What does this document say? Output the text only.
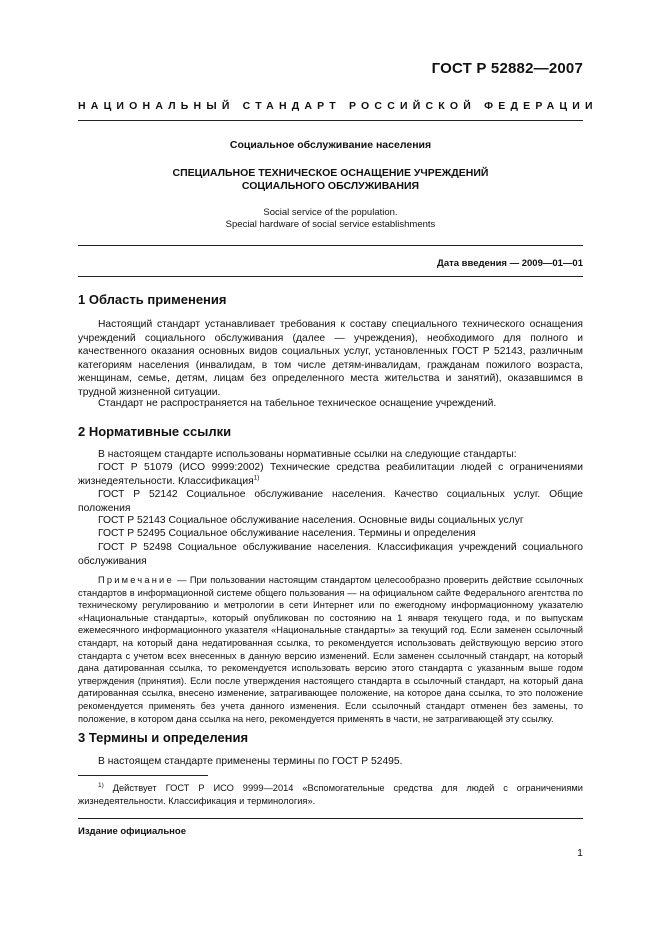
ГОСТ Р 52882—2007
НАЦИОНАЛЬНЫЙ СТАНДАРТ РОССИЙСКОЙ ФЕДЕРАЦИИ
Социальное обслуживание населения
СПЕЦИАЛЬНОЕ ТЕХНИЧЕСКОЕ ОСНАЩЕНИЕ УЧРЕЖДЕНИЙ
СОЦИАЛЬНОГО ОБСЛУЖИВАНИЯ
Social service of the population.
Special hardware of social service establishments
Дата введения — 2009—01—01
1 Область применения

Настоящий стандарт устанавливает требования к составу специального технического оснащения учреждений социального обслуживания (далее — учреждения), необходимого для полного и качественного оказания основных видов социальных услуг, установленных ГОСТ Р 52143, различным категориям населения (инвалидам, в том числе детям-инвалидам, гражданам пожилого возраста, женщинам, семье, детям, лицам без определенного места жительства и занятий), оказавшимся в трудной жизненной ситуации.

Стандарт не распространяется на табельное техническое оснащение учреждений.

2 Нормативные ссылки

В настоящем стандарте использованы нормативные ссылки на следующие стандарты:

ГОСТ Р 51079 (ИСО 9999:2002) Технические средства реабилитации людей с ограничениями жизнедеятельности. Классификация$^{1)}$

ГОСТ Р 52142 Социальное обслуживание населения. Качество социальных услуг. Общие положения

ГОСТ Р 52143 Социальное обслуживание населения. Основные виды социальных услуг

ГОСТ Р 52495 Социальное обслуживание населения. Термины и определения

ГОСТ Р 52498 Социальное обслуживание населения. Классификация учреждений социального обслуживания

Примечание — При пользовании настоящим стандартом целесообразно проверить действие ссылочных стандартов в информационной системе общего пользования — на официальном сайте Федерального агентства по техническому регулированию и метрологии в сети Интернет или по ежегодному информационному указателю «Национальные стандарты», который опубликован по состоянию на 1 января текущего года, и по выпускам ежемесячного информационного указателя «Национальные стандарты» за текущий год. Если заменен ссылочный стандарт, на который дана недатированная ссылка, то рекомендуется использовать действующую версию этого стандарта с учетом всех внесенных в данную версию изменений. Если заменен ссылочный стандарт, на который дана датированная ссылка, то рекомендуется использовать версию этого стандарта с указанным выше годом утверждения (принятия). Если после утверждения настоящего стандарта в ссылочный стандарт, на который дана датированная ссылка, внесено изменение, затрагивающее положение, на которое дана ссылка, то это положение рекомендуется применять без учета данного изменения. Если ссылочный стандарт отменен без замены, то положение, в котором дана ссылка на него, рекомендуется применять в части, не затрагивающей эту ссылку.

3 Термины и определения

В настоящем стандарте применены термины по ГОСТ Р 52495.

$^{1)}$ Действует ГОСТ Р ИСО 9999—2014 «Вспомогательные средства для людей с ограничениями жизнедеятельности. Классификация и терминология».

Издание официальное
1
